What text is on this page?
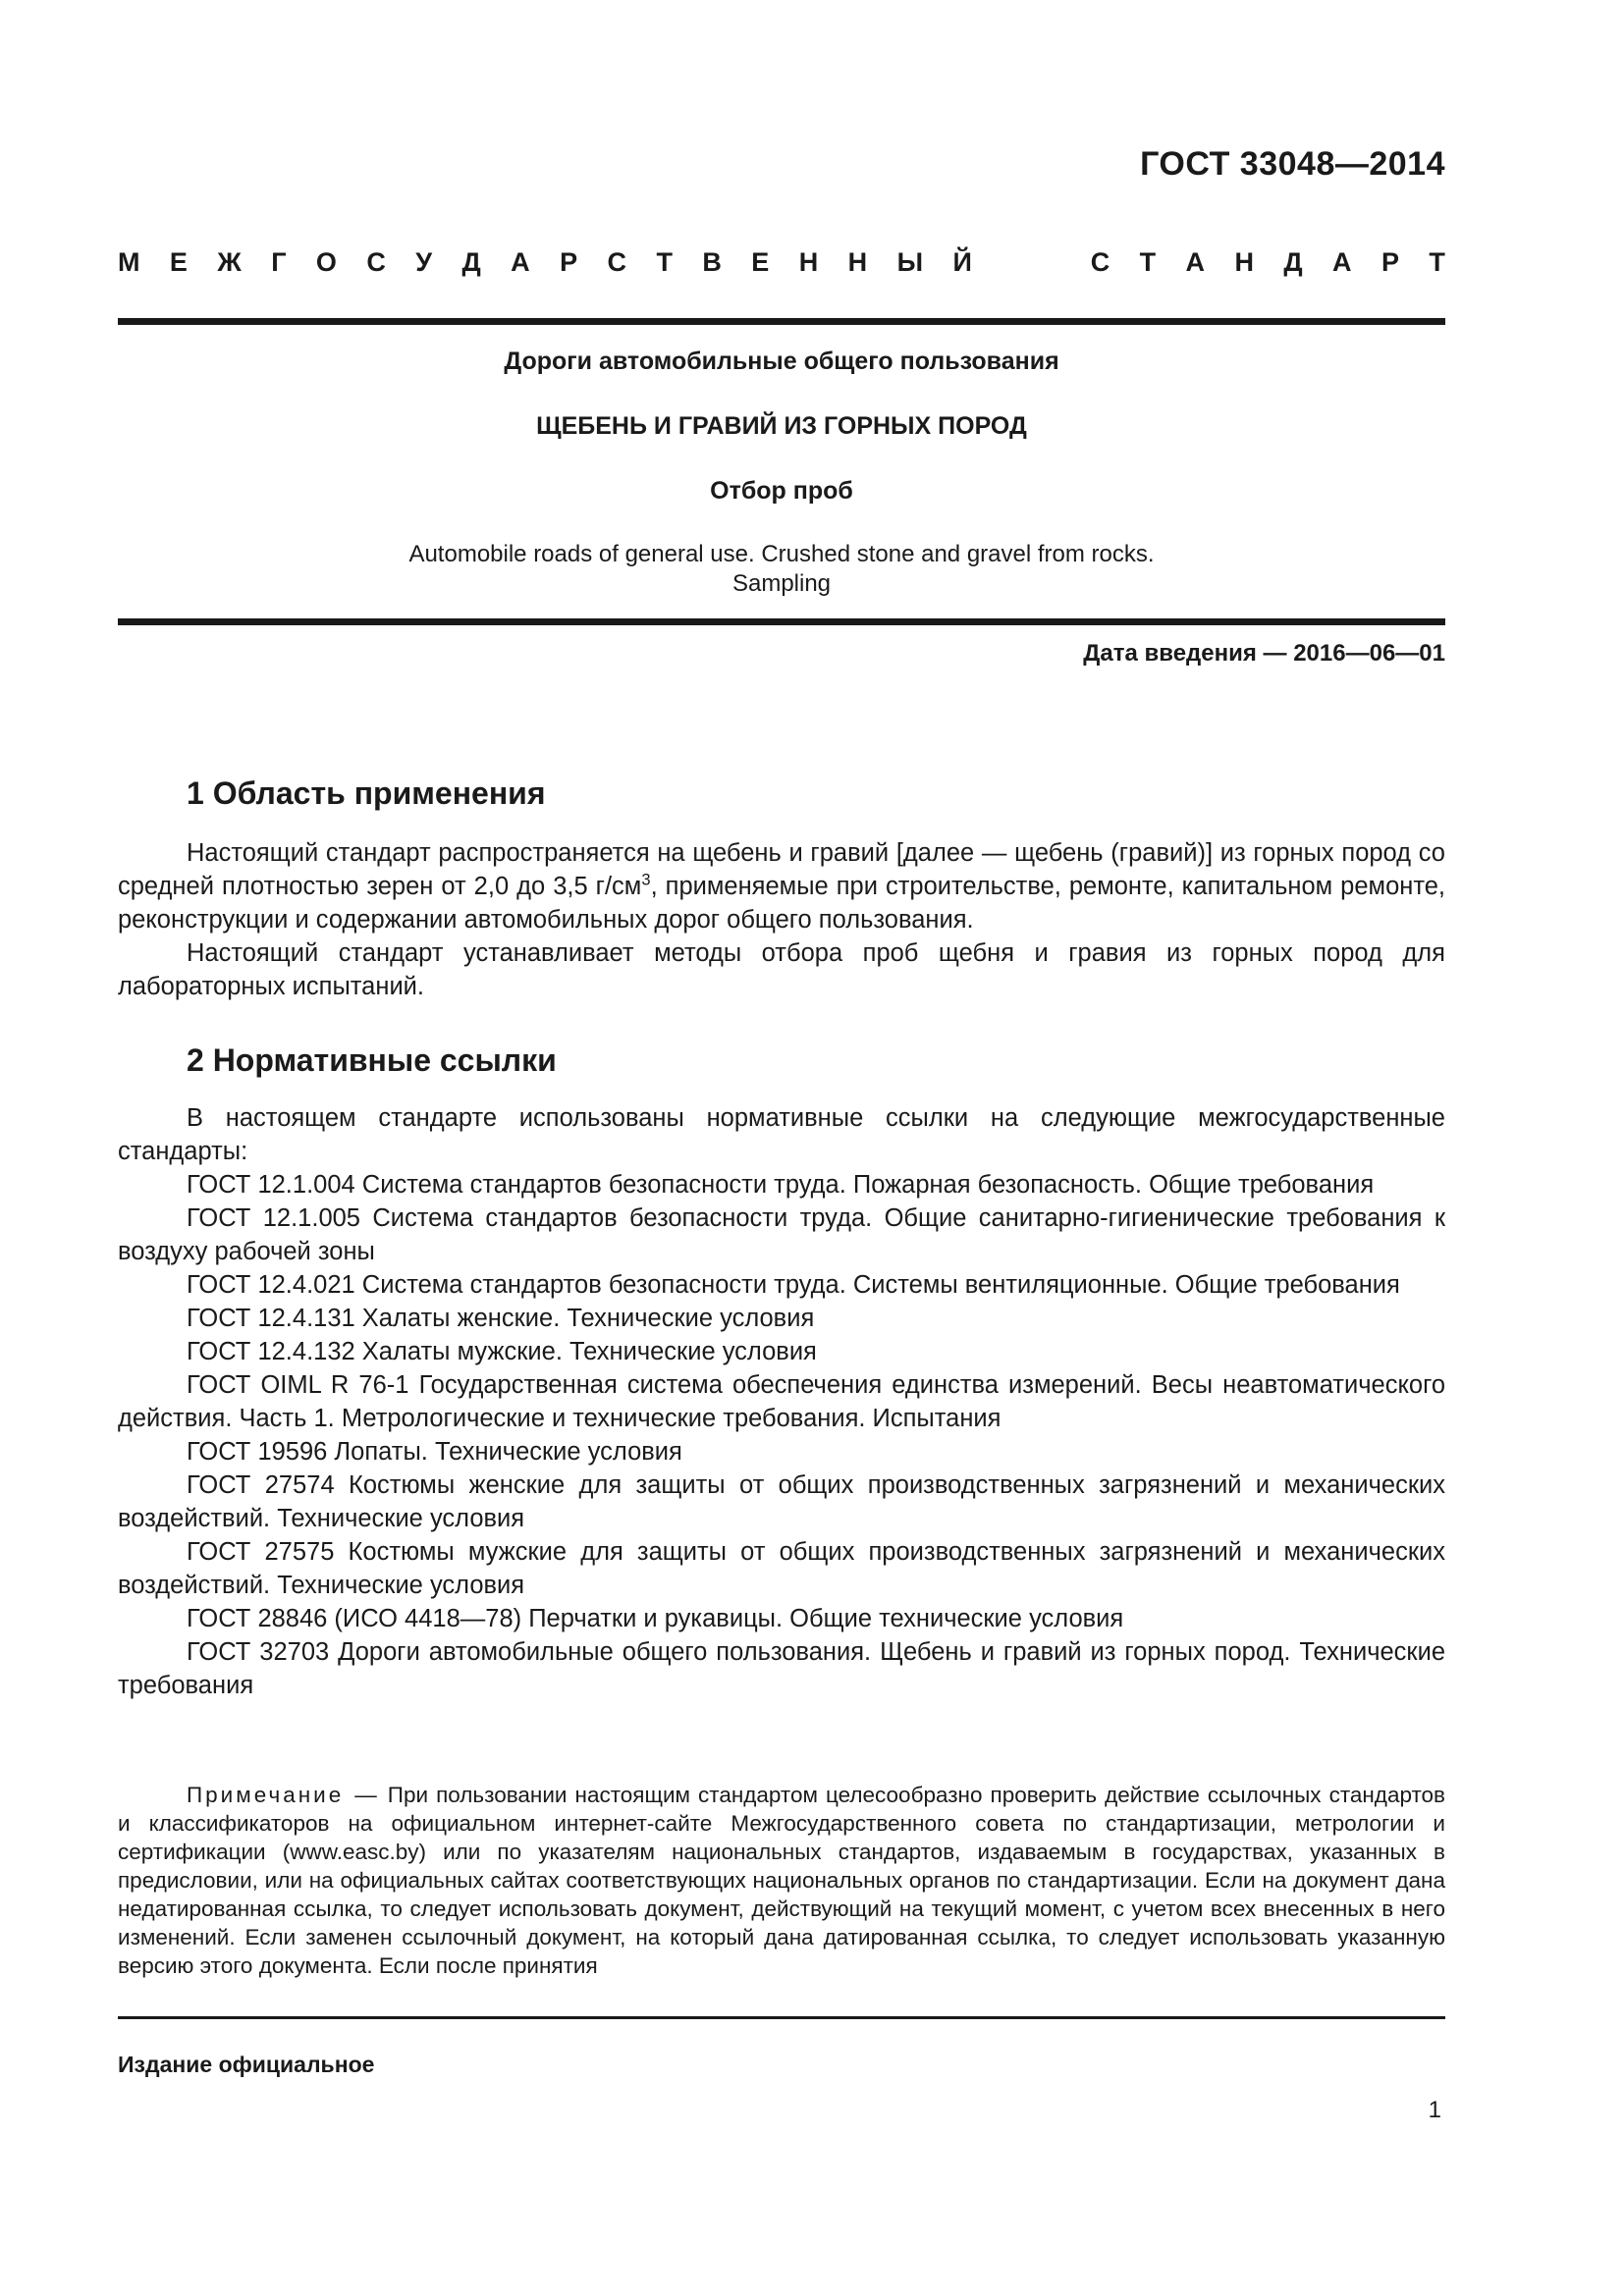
ГОСТ 33048—2014
М Е Ж Г О С У Д А Р С Т В Е Н Н Ы Й	С Т А Н Д А Р Т
Дороги автомобильные общего пользования
ЩЕБЕНЬ И ГРАВИЙ ИЗ ГОРНЫХ ПОРОД
Отбор проб
Automobile roads of general use. Crushed stone and gravel from rocks.
Sampling
Дата введения — 2016—06—01
1 Область применения

Настоящий стандарт распространяется на щебень и гравий [далее — щебень (гравий)] из горных пород со средней плотностью зерен от 2,0 до 3,5 $г/см^3$, применяемые при строительстве, ремонте, капитальном ремонте, реконструкции и содержании автомобильных дорог общего пользования.

Настоящий стандарт устанавливает методы отбора проб щебня и гравия из горных пород для лабораторных испытаний.

2 Нормативные ссылки

В настоящем стандарте использованы нормативные ссылки на следующие межгосударственные стандарты:

ГОСТ 12.1.004 Система стандартов безопасности труда. Пожарная безопасность. Общие требования

ГОСТ 12.1.005 Система стандартов безопасности труда. Общие санитарно-гигиенические требования к воздуху рабочей зоны

ГОСТ 12.4.021 Система стандартов безопасности труда. Системы вентиляционные. Общие требования

ГОСТ 12.4.131 Халаты женские. Технические условия

ГОСТ 12.4.132 Халаты мужские. Технические условия

ГОСТ OIML R 76-1 Государственная система обеспечения единства измерений. Весы неавтоматического действия. Часть 1. Метрологические и технические требования. Испытания

ГОСТ 19596 Лопаты. Технические условия

ГОСТ 27574 Костюмы женские для защиты от общих производственных загрязнений и механических воздействий. Технические условия

ГОСТ 27575 Костюмы мужские для защиты от общих производственных загрязнений и механических воздействий. Технические условия

ГОСТ 28846 (ИСО 4418—78) Перчатки и рукавицы. Общие технические условия

ГОСТ 32703 Дороги автомобильные общего пользования. Щебень и гравий из горных пород. Технические требования

Примечание — При пользовании настоящим стандартом целесообразно проверить действие ссылочных стандартов и классификаторов на официальном интернет-сайте Межгосударственного совета по стандартизации, метрологии и сертификации (www.easc.by) или по указателям национальных стандартов, издаваемым в государствах, указанных в предисловии, или на официальных сайтах соответствующих национальных органов по стандартизации. Если на документ дана недатированная ссылка, то следует использовать документ, действующий на текущий момент, с учетом всех внесенных в него изменений. Если заменен ссылочный документ, на который дана датированная ссылка, то следует использовать указанную версию этого документа. Если после принятия
Издание официальное
1
